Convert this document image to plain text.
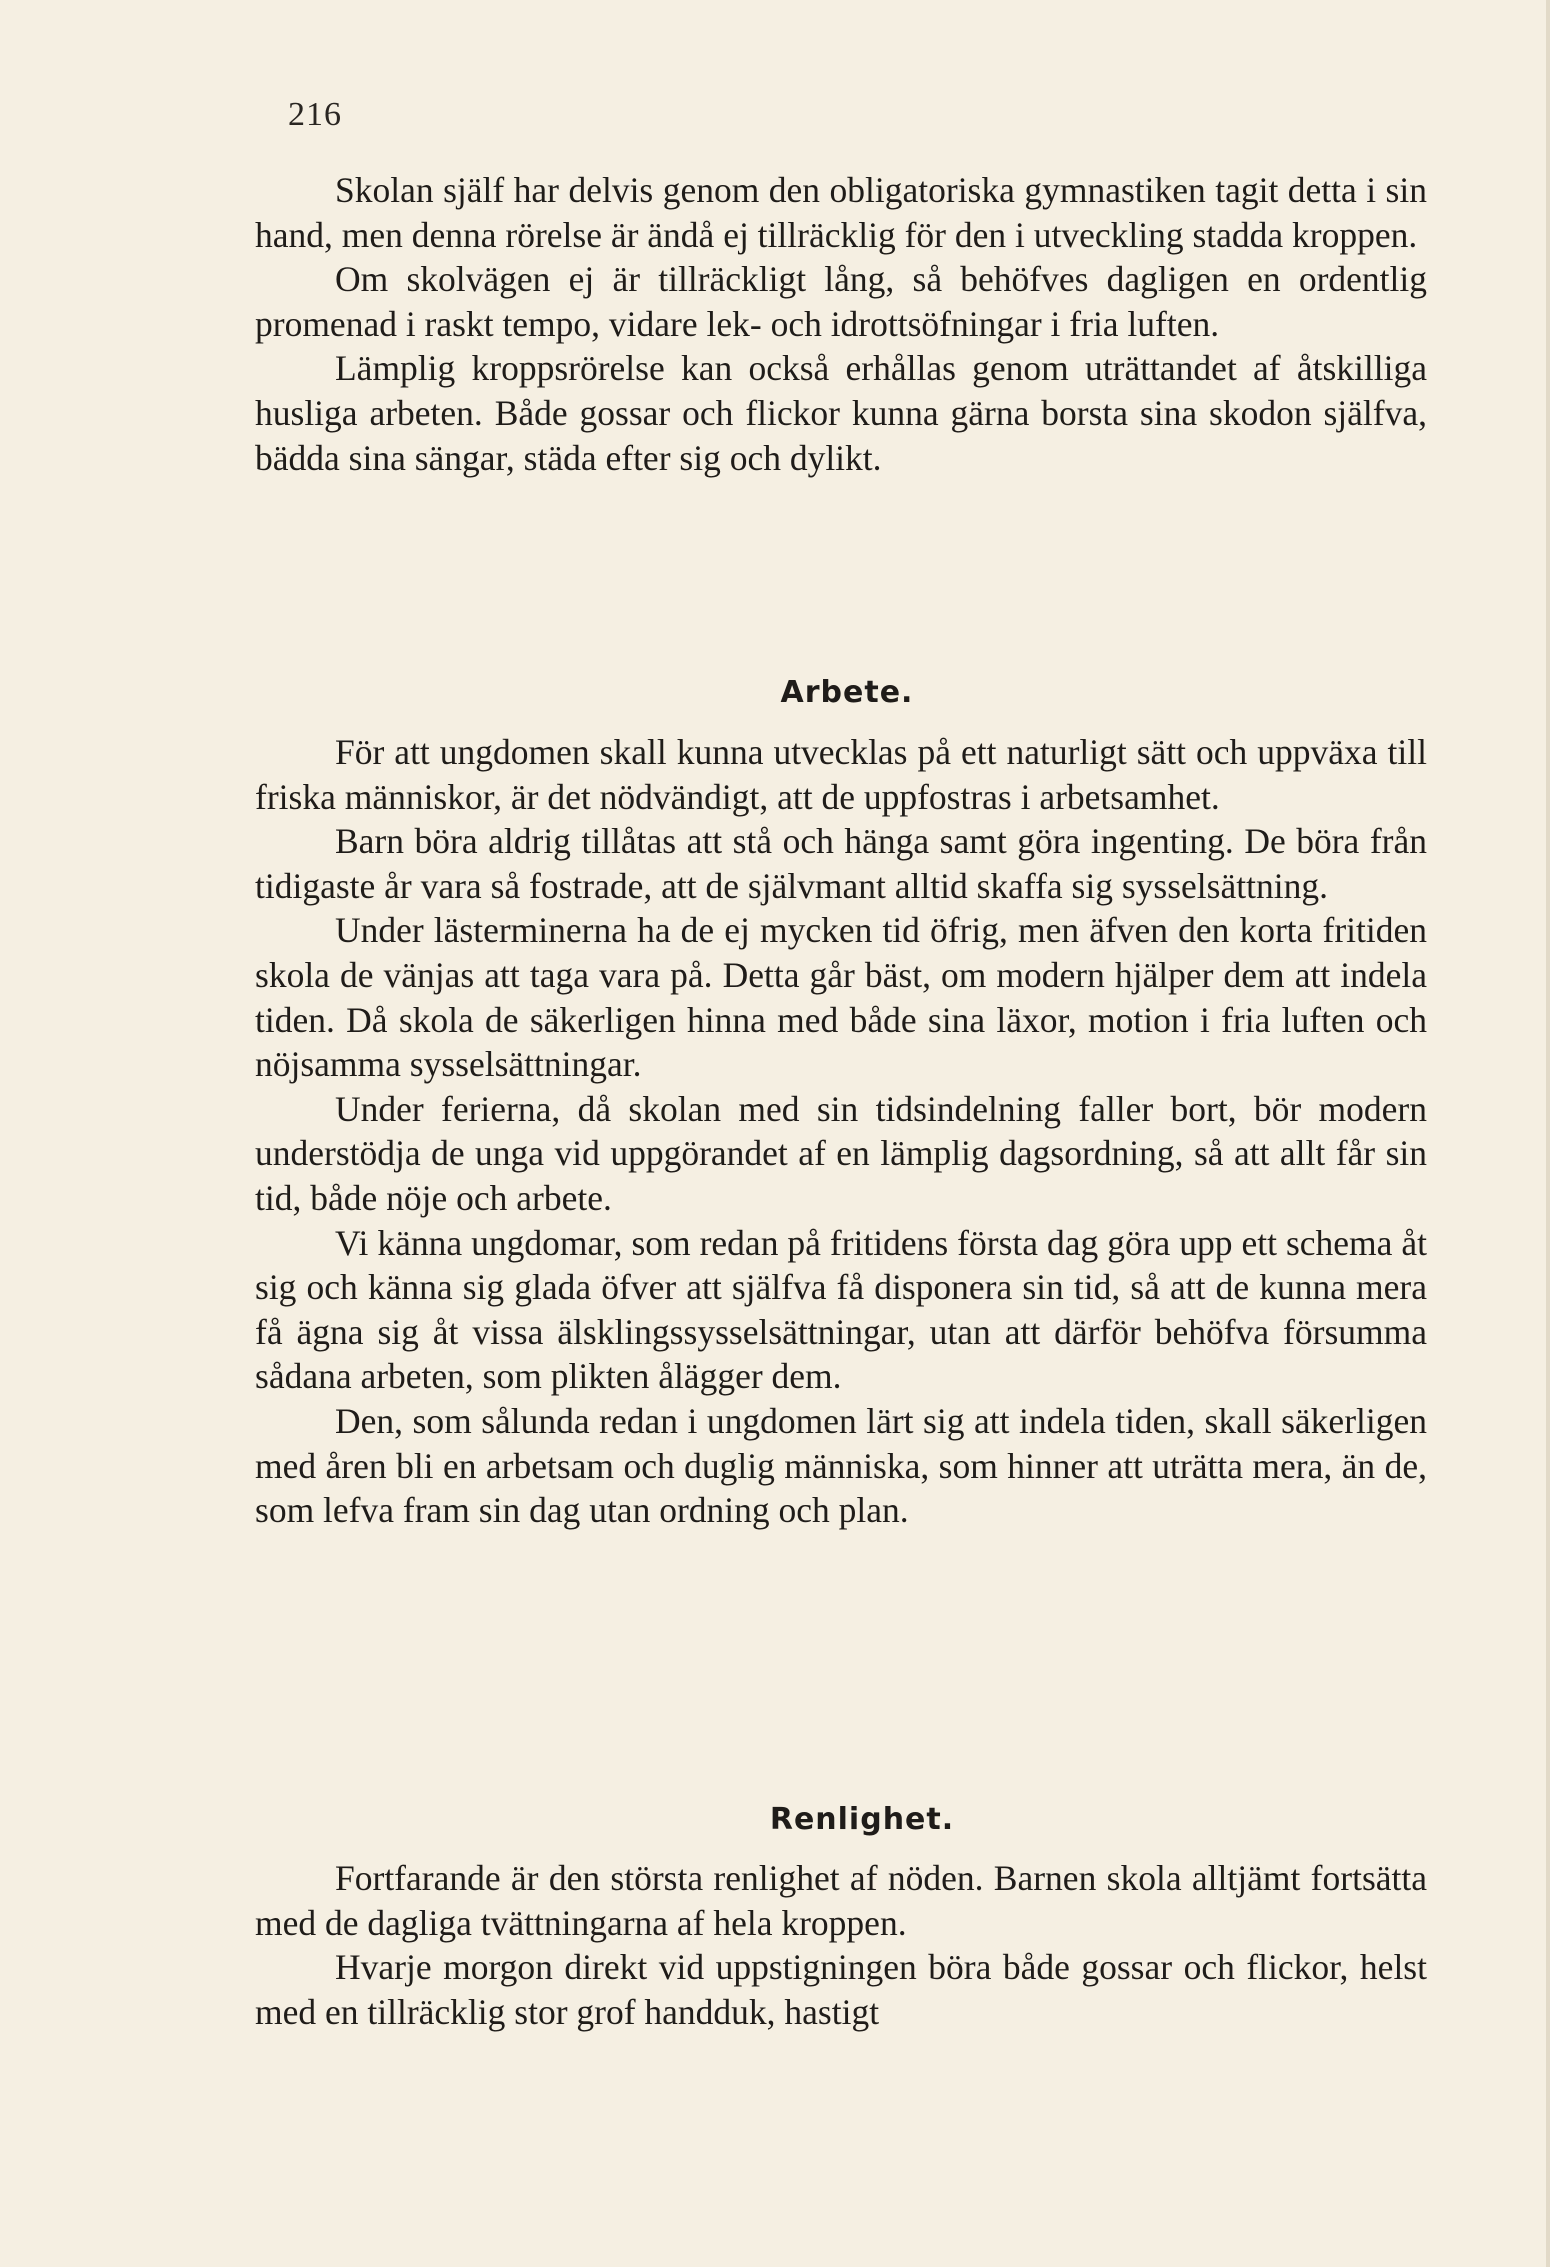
216

Skolan själf har delvis genom den obligatoriska gymnastiken tagit detta i sin hand, men denna rörelse är ändå ej tillräcklig för den i utveckling stadda kroppen.

Om skolvägen ej är tillräckligt lång, så behöfves dagligen en ordentlig promenad i raskt tempo, vidare lek- och idrottsöfningar i fria luften.

Lämplig kroppsrörelse kan också erhållas genom uträttandet af åtskilliga husliga arbeten. Både gossar och flickor kunna gärna borsta sina skodon själfva, bädda sina sängar, städa efter sig och dylikt.

Arbete.

För att ungdomen skall kunna utvecklas på ett naturligt sätt och uppväxa till friska människor, är det nödvändigt, att de uppfostras i arbetsamhet.

Barn böra aldrig tillåtas att stå och hänga samt göra ingenting. De böra från tidigaste år vara så fostrade, att de självmant alltid skaffa sig sysselsättning.

Under lästerminerna ha de ej mycken tid öfrig, men äfven den korta fritiden skola de vänjas att taga vara på. Detta går bäst, om modern hjälper dem att indela tiden. Då skola de säkerligen hinna med både sina läxor, motion i fria luften och nöjsamma sysselsättningar.

Under ferierna, då skolan med sin tidsindelning faller bort, bör modern understödja de unga vid uppgörandet af en lämplig dagsordning, så att allt får sin tid, både nöje och arbete.

Vi känna ungdomar, som redan på fritidens första dag göra upp ett schema åt sig och känna sig glada öfver att själfva få disponera sin tid, så att de kunna mera få ägna sig åt vissa älsklingssysselsättningar, utan att därför behöfva försumma sådana arbeten, som plikten ålägger dem.

Den, som sålunda redan i ungdomen lärt sig att indela tiden, skall säkerligen med åren bli en arbetsam och duglig människa, som hinner att uträtta mera, än de, som lefva fram sin dag utan ordning och plan.

Renlighet.

Fortfarande är den största renlighet af nöden. Barnen skola alltjämt fortsätta med de dagliga tvättningarna af hela kroppen.

Hvarje morgon direkt vid uppstigningen böra både gossar och flickor, helst med en tillräcklig stor grof handduk, hastigt
